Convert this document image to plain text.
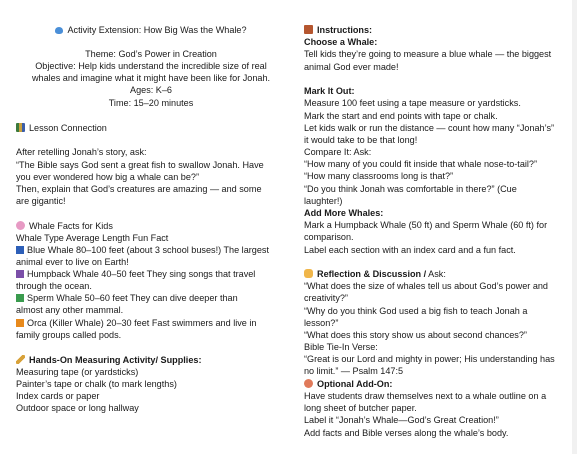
Activity Extension: How Big Was the Whale?
Theme: God’s Power in Creation
Objective: Help kids understand the incredible size of real
whales and imagine what it might have been like for Jonah.
Ages: K–6
Time: 15–20 minutes
Lesson Connection
After retelling Jonah’s story, ask:
“The Bible says God sent a great fish to swallow Jonah. Have
you ever wondered how big a whale can be?”
Then, explain that God’s creatures are amazing — and some
are gigantic!
Whale Facts for Kids
Whale Type Average Length Fun Fact
Blue Whale 80–100 feet (about 3 school buses!) The largest
animal ever to live on Earth!
Humpback Whale 40–50 feet They sing songs that travel
through the ocean.
Sperm Whale 50–60 feet They can dive deeper than
almost any other mammal.
Orca (Killer Whale) 20–30 feet Fast swimmers and live in
family groups called pods.
Hands-On Measuring Activity/ Supplies:
Measuring tape (or yardsticks)
Painter’s tape or chalk (to mark lengths)
Index cards or paper
Outdoor space or long hallway
Instructions:
Choose a Whale:
Tell kids they’re going to measure a blue whale — the biggest
animal God ever made!
Mark It Out:
Measure 100 feet using a tape measure or yardsticks.
Mark the start and end points with tape or chalk.
Let kids walk or run the distance — count how many “Jonah’s”
it would take to be that long!
Compare It: Ask:
“How many of you could fit inside that whale nose-to-tail?”
“How many classrooms long is that?”
“Do you think Jonah was comfortable in there?” (Cue
laughter!)
Add More Whales:
Mark a Humpback Whale (50 ft) and Sperm Whale (60 ft) for
comparison.
Label each section with an index card and a fun fact.
Reflection & Discussion / Ask:
“What does the size of whales tell us about God’s power and
creativity?”
“Why do you think God used a big fish to teach Jonah a
lesson?”
“What does this story show us about second chances?”
Bible Tie-In Verse:
“Great is our Lord and mighty in power; His understanding has
no limit.” — Psalm 147:5
Optional Add-On:
Have students draw themselves next to a whale outline on a
long sheet of butcher paper.
Label it “Jonah’s Whale—God’s Great Creation!”
Add facts and Bible verses along the whale’s body.
